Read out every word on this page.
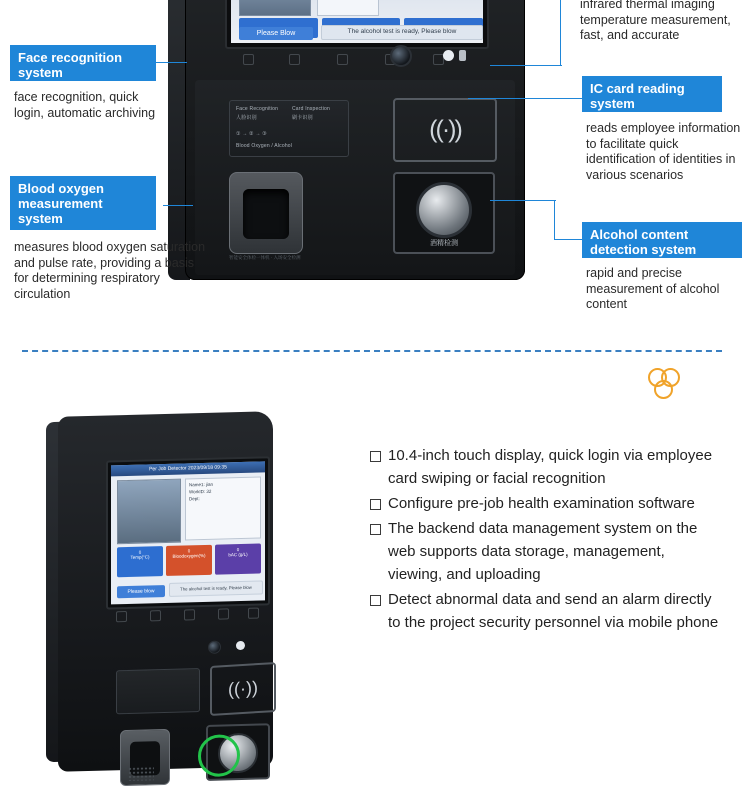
Please Blow	The alcohol test is ready, Please blow
Face Recognition	Card Inspection
人脸识别	刷卡识别
① → ② → ③
Blood Oxygen / Alcohol
((·))
酒精检测
智能安全体检一体机 · 入场安全检测
Face recognition
system
face recognition, quick login, automatic archiving
Blood oxygen
measurement
system
measures blood oxygen saturation and pulse rate, providing a basis for determining respiratory circulation
infrared thermal imaging temperature measurement, fast, and accurate
IC card reading
system
reads employee information to facilitate quick identification of identities in various scenarios
Alcohol content
detection system
rapid and precise measurement of alcohol content
Per Job Detector 2023/09/18 09:35
Name1: jian
WorkID: 32
Dept:
0
Temp(°C)
0
Bloodoxygen(%)
0
bAC (g/L)
Please blow
The alcohol test is ready, Please blow
((·))
10.4-inch touch display, quick login via employee card swiping or facial recognition
Configure pre-job health examination software
The backend data management system on the web supports data storage, management, viewing, and uploading
Detect abnormal data and send an alarm directly to the project security personnel via mobile phone
